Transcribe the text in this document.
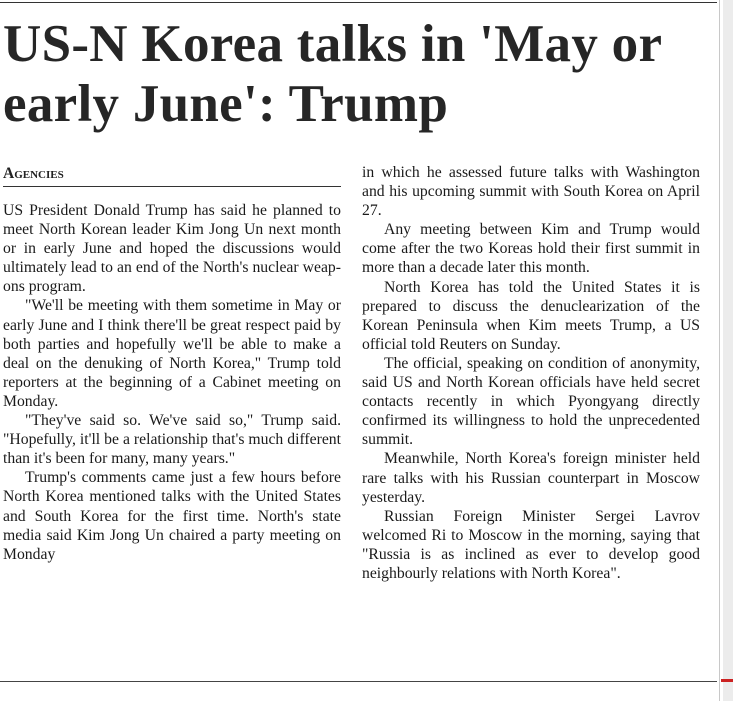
US-N Korea talks in 'May or early June': Trump
Agencies

US President Donald Trump has said he planned to meet North Korean leader Kim Jong Un next month or in early June and hoped the discussions would ultimately lead to an end of the North's nuclear weapons program.

"We'll be meeting with them sometime in May or early June and I think there'll be great respect paid by both parties and hopefully we'll be able to make a deal on the denuking of North Korea," Trump told reporters at the beginning of a Cabinet meeting on Monday.

"They've said so. We've said so," Trump said. "Hopefully, it'll be a relationship that's much different than it's been for many, many years."

Trump's comments came just a few hours before North Korea mentioned talks with the United States and South Korea for the first time. North's state media said Kim Jong Un chaired a party meeting on Monday

in which he assessed future talks with Washington and his upcoming summit with South Korea on April 27.

Any meeting between Kim and Trump would come after the two Koreas hold their first summit in more than a decade later this month.

North Korea has told the United States it is prepared to discuss the denuclearization of the Korean Peninsula when Kim meets Trump, a US official told Reuters on Sunday.

The official, speaking on condition of anonymity, said US and North Korean officials have held secret contacts recently in which Pyongyang directly confirmed its willingness to hold the unprecedented summit.

Meanwhile, North Korea's foreign minister held rare talks with his Russian counterpart in Moscow yesterday.

Russian Foreign Minister Sergei Lavrov welcomed Ri to Moscow in the morning, saying that "Russia is as inclined as ever to develop good neighbourly relations with North Korea".
